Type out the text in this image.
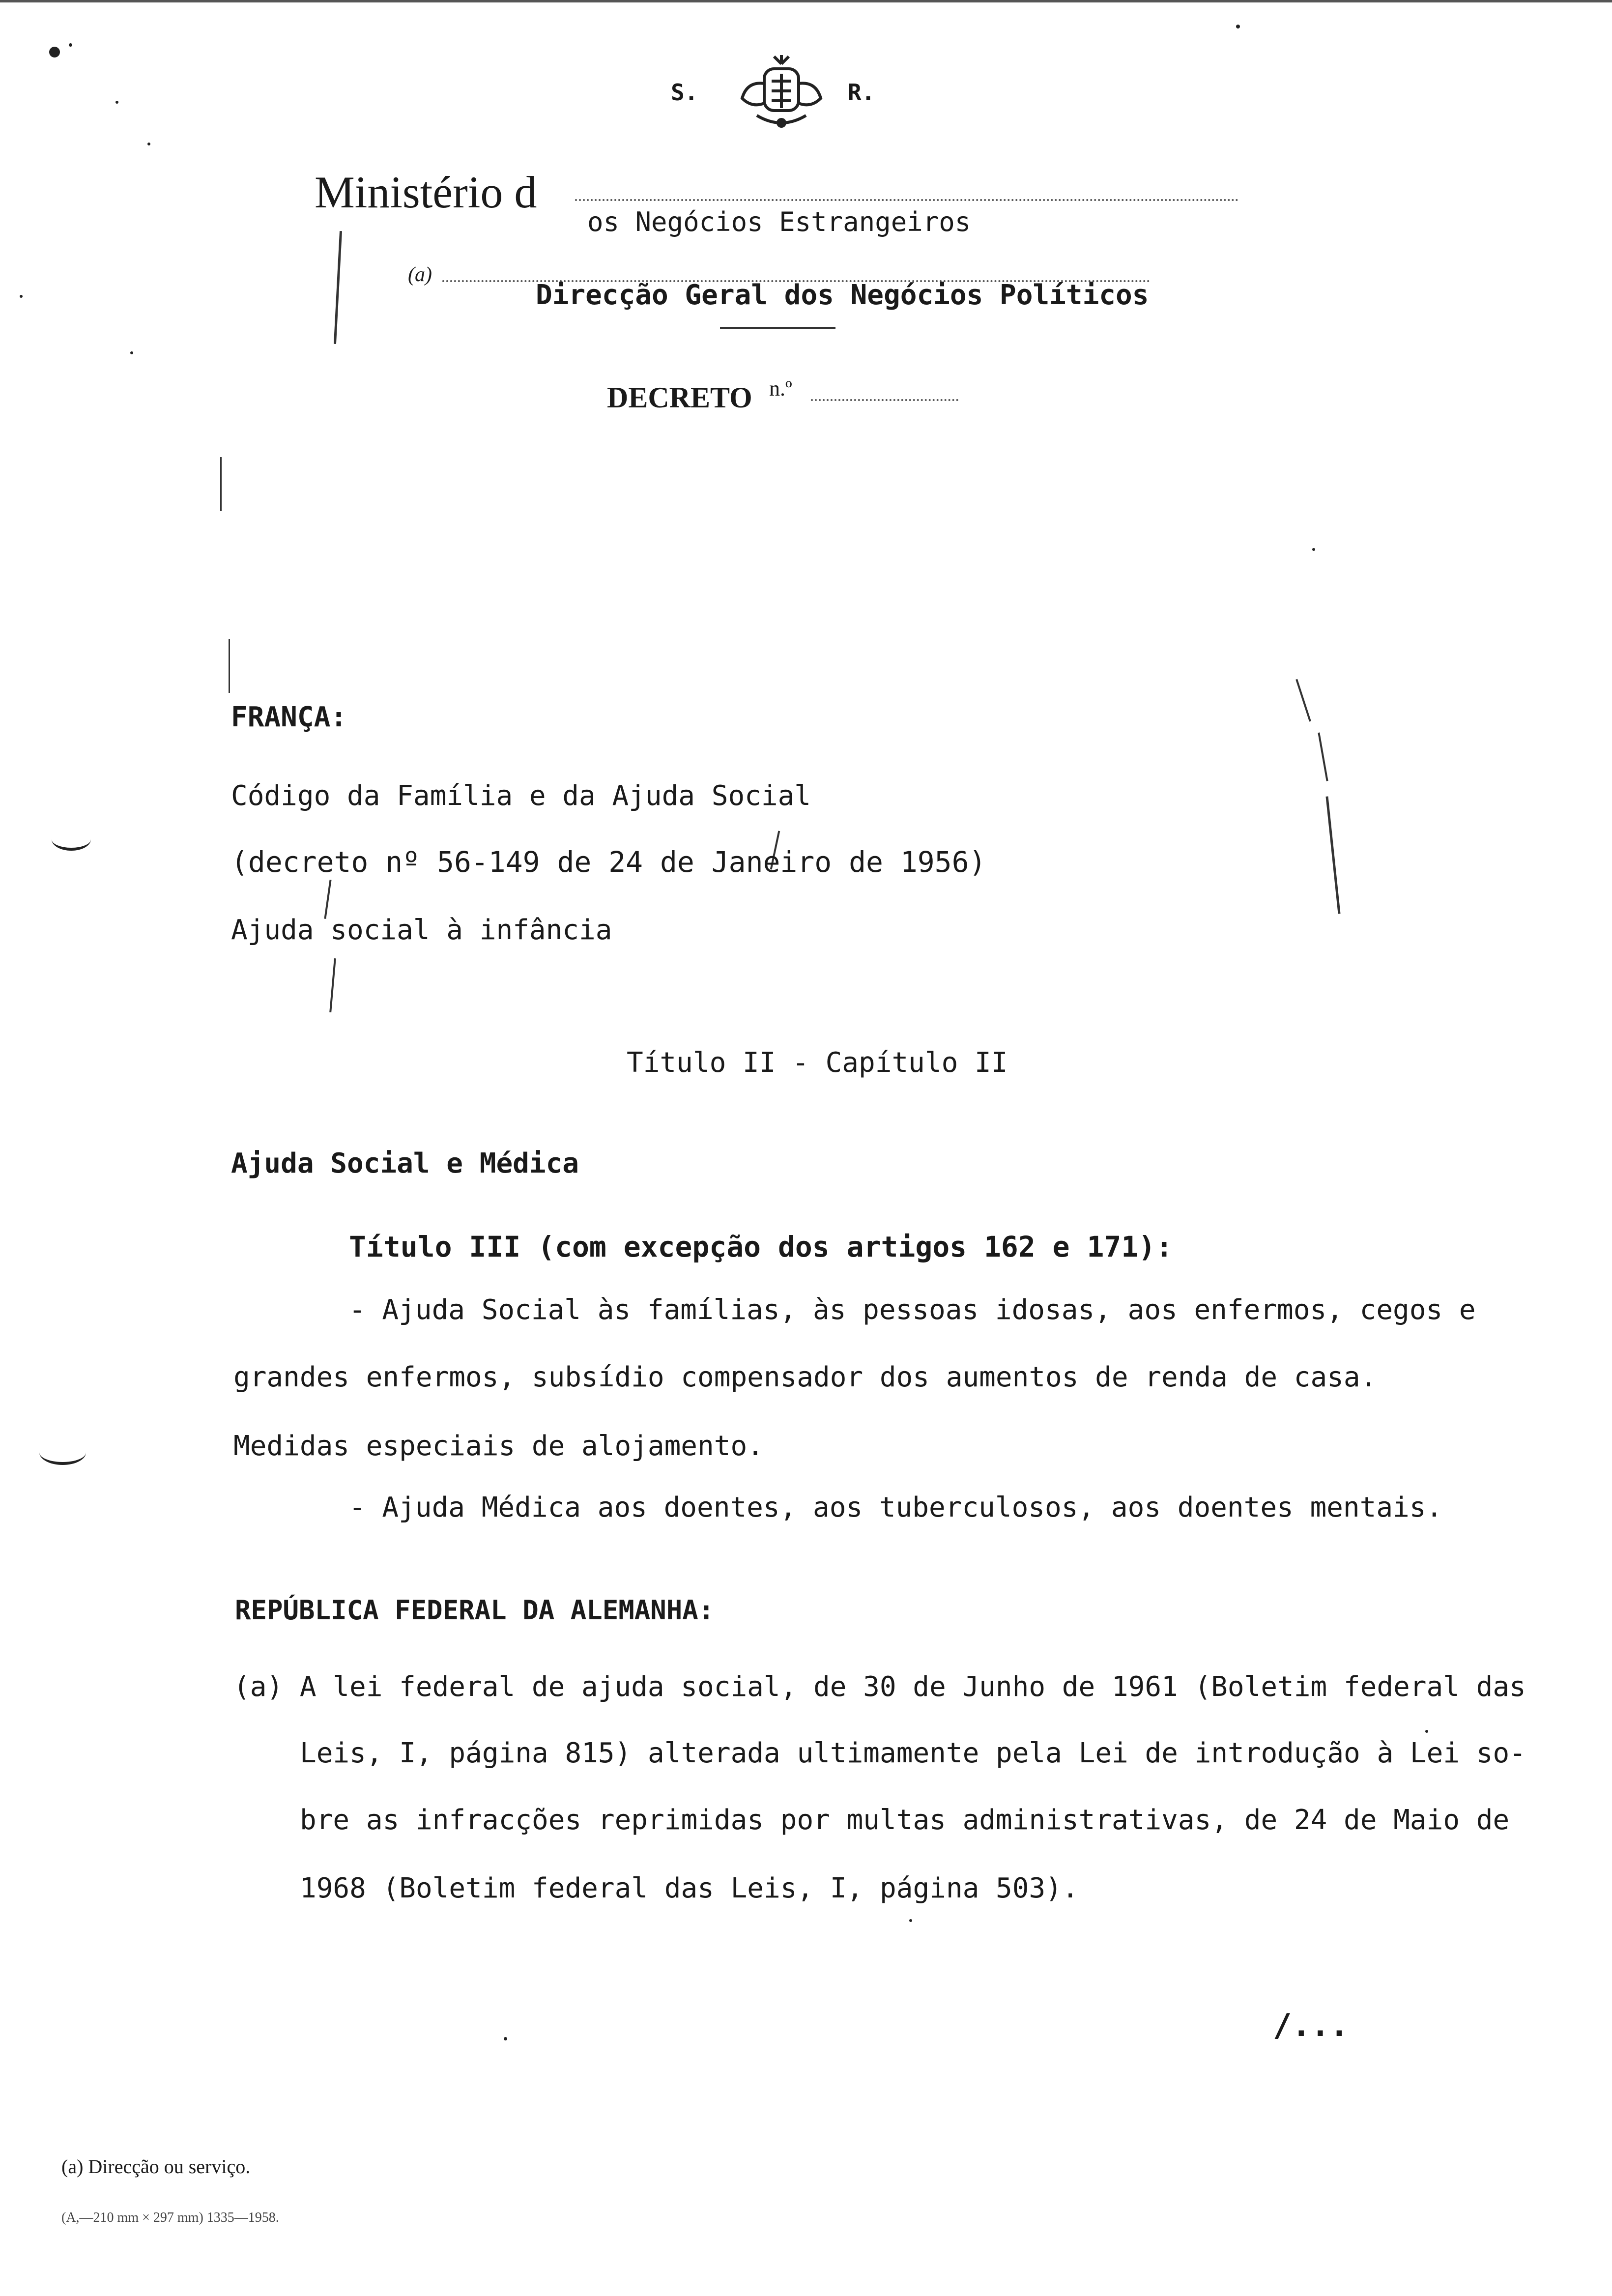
S.	R.
Ministério d
os Negócios Estrangeiros
(a)
Direcção Geral dos Negócios Políticos
DECRETO n.º
FRANÇA:
Código da Família e da Ajuda Social
(decreto nº 56-149 de 24 de Janeiro de 1956)
Ajuda social à infância
Título II - Capítulo II
Ajuda Social e Médica
Título III (com excepção dos artigos 162 e 171):
- Ajuda Social às famílias, às pessoas idosas, aos enfermos, cegos e
grandes enfermos, subsídio compensador dos aumentos de renda de casa.
Medidas especiais de alojamento.
- Ajuda Médica aos doentes, aos tuberculosos, aos doentes mentais.
REPÚBLICA FEDERAL DA ALEMANHA:
(a) A lei federal de ajuda social, de 30 de Junho de 1961 (Boletim federal das
Leis, I, página 815) alterada ultimamente pela Lei de introdução à Lei so-
bre as infracções reprimidas por multas administrativas, de 24 de Maio de
1968 (Boletim federal das Leis, I, página 503).
/...
(a) Direcção ou serviço.
(A,—210 mm × 297 mm) 1335—1958.
